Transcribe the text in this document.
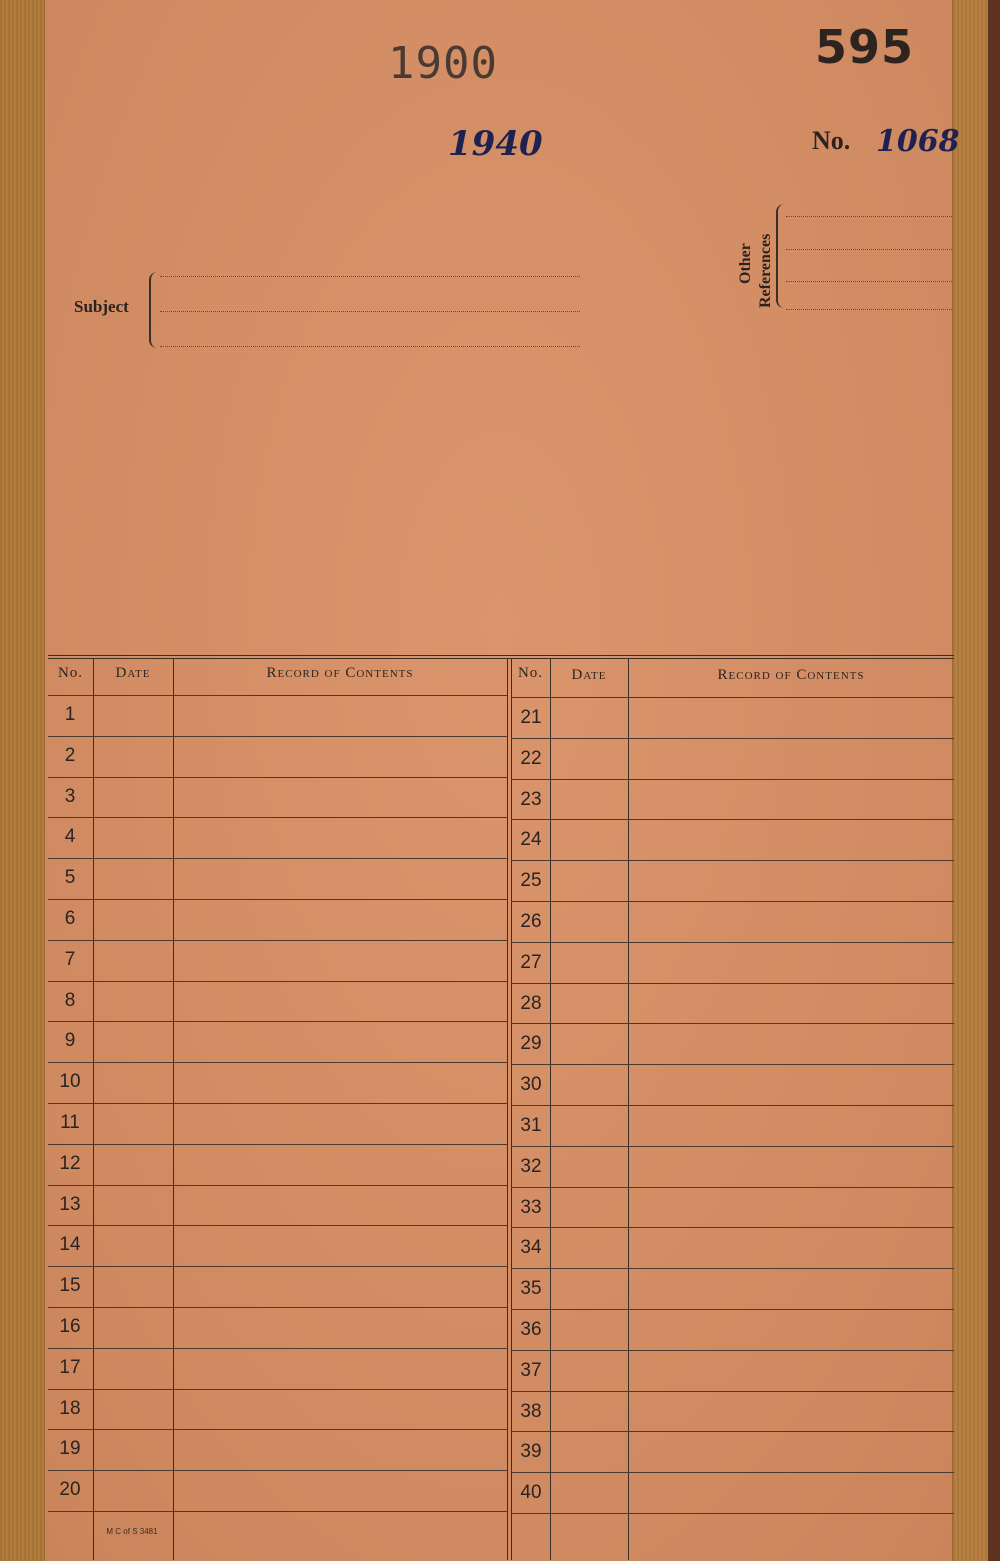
1900	595
1940	No. 1068
Subject
Other References
No.	Date	Record of Contents	No.	Date	Record of Contents
1
2
3
4
5
6
7
8
9
10
11
12
13
14
15
16
17
18
19
20
21
22
23
24
25
26
27
28
29
30
31
32
33
34
35
36
37
38
39
40
M C of S 3481
